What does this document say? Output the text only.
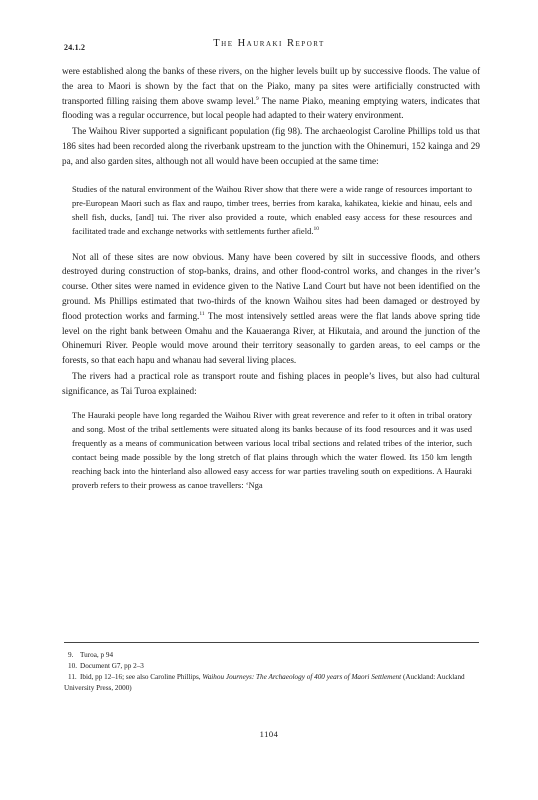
24.1.2	The Hauraki Report

were established along the banks of these rivers, on the higher levels built up by successive floods. The value of the area to Maori is shown by the fact that on the Piako, many pa sites were artificially constructed with transported filling raising them above swamp level.$^9$ The name Piako, meaning emptying waters, indicates that flooding was a regular occurrence, but local people had adapted to their watery environment.

The Waihou River supported a significant population (fig 98). The archaeologist Caroline Phillips told us that 186 sites had been recorded along the riverbank upstream to the junction with the Ohinemuri, 152 kainga and 29 pa, and also garden sites, although not all would have been occupied at the same time:

Studies of the natural environment of the Waihou River show that there were a wide range of resources important to pre-European Maori such as flax and raupo, timber trees, berries from karaka, kahikatea, kiekie and hinau, eels and shell fish, ducks, [and] tui. The river also provided a route, which enabled easy access for these resources and facilitated trade and exchange networks with settlements further afield.$^{10}$

Not all of these sites are now obvious. Many have been covered by silt in successive floods, and others destroyed during construction of stop-banks, drains, and other flood-control works, and changes in the river’s course. Other sites were named in evidence given to the Native Land Court but have not been identified on the ground. Ms Phillips estimated that two-thirds of the known Waihou sites had been damaged or destroyed by flood protection works and farming.$^{11}$ The most intensively settled areas were the flat lands above spring tide level on the right bank between Omahu and the Kauaeranga River, at Hikutaia, and around the junction of the Ohinemuri River. People would move around their territory seasonally to garden areas, to eel camps or the forests, so that each hapu and whanau had several living places.

The rivers had a practical role as transport route and fishing places in people’s lives, but also had cultural significance, as Tai Turoa explained:

The Hauraki people have long regarded the Waihou River with great reverence and refer to it often in tribal oratory and song. Most of the tribal settlements were situated along its banks because of its food resources and it was used frequently as a means of communication between various local tribal sections and related tribes of the interior, such contact being made possible by the long stretch of flat plains through which the water flowed. Its 150 km length reaching back into the hinterland also allowed easy access for war parties traveling south on expeditions. A Hauraki proverb refers to their prowess as canoe travellers: ‘Nga

9. Turoa, p 94

10. Document G7, pp 2–3

11. Ibid, pp 12–16; see also Caroline Phillips, Waihou Journeys: The Archaeology of 400 years of Maori Settlement (Auckland: Auckland University Press, 2000)

1104
